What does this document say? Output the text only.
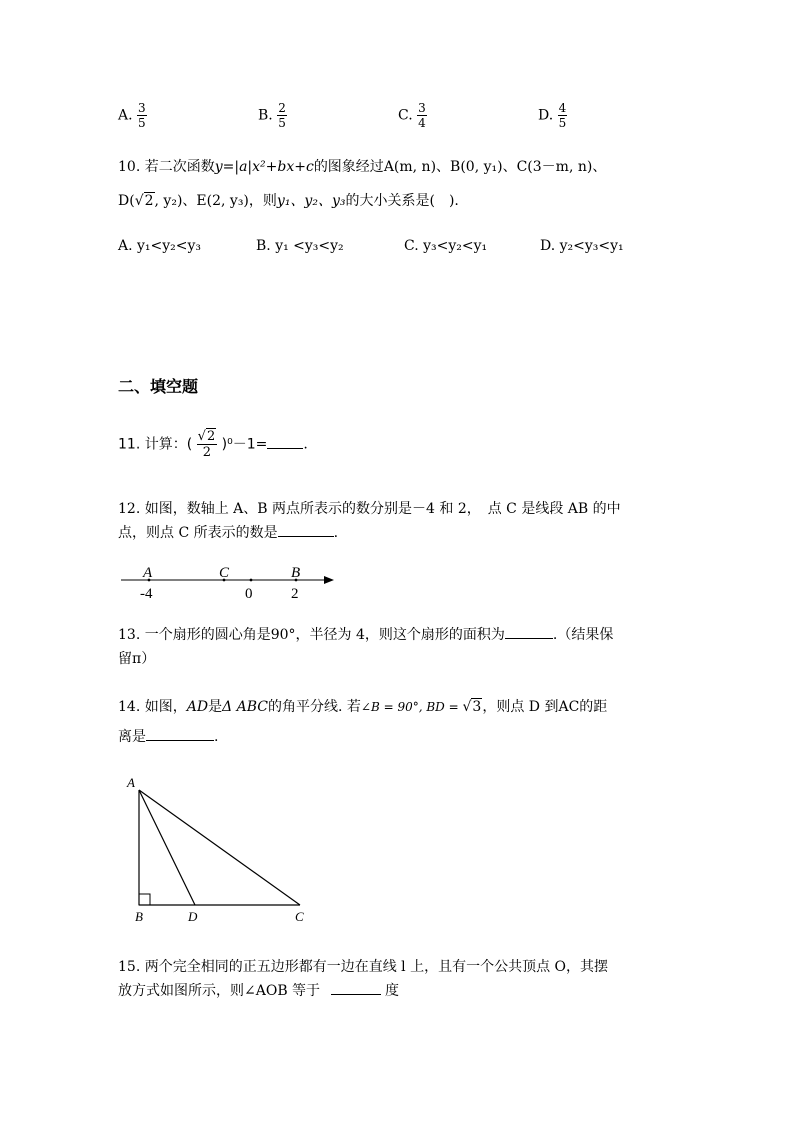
A. $\frac{3}{5}$	B. $\frac{2}{5}$	C. $\frac{3}{4}$	D. $\frac{4}{5}$
10. 若二次函数y=|a|x²+bx+c的图象经过A(m, n)、B(0, y₁)、C(3－m, n)、
D(√2, y₂)、E(2, y₃)，则y₁、y₂、y₃的大小关系是(　).
A. y₁<y₂<y₃	B. y₁ <y₃<y₂	C. y₃<y₂<y₁	D. y₂<y₃<y₁
二、填空题
11. 计算：( $\frac{√2}{2} )^0-1=$	.
12. 如图，数轴上 A、B 两点所表示的数分别是－4 和 2，　点 C 是线段 AB 的中
点，则点 C 所表示的数是	.
A	C	B
-4	0	2
13. 一个扇形的圆心角是90°，半径为 4，则这个扇形的面积为	.（结果保
留π）
14. 如图，AD是Δ ABC的角平分线. 若∠B = 90°, BD = √3，则点 D 到AC的距
离是	.
A
B	D	C
15. 两个完全相同的正五边形都有一边在直线 l 上，且有一个公共顶点 O，其摆
放方式如图所示，则∠AOB 等于	度
